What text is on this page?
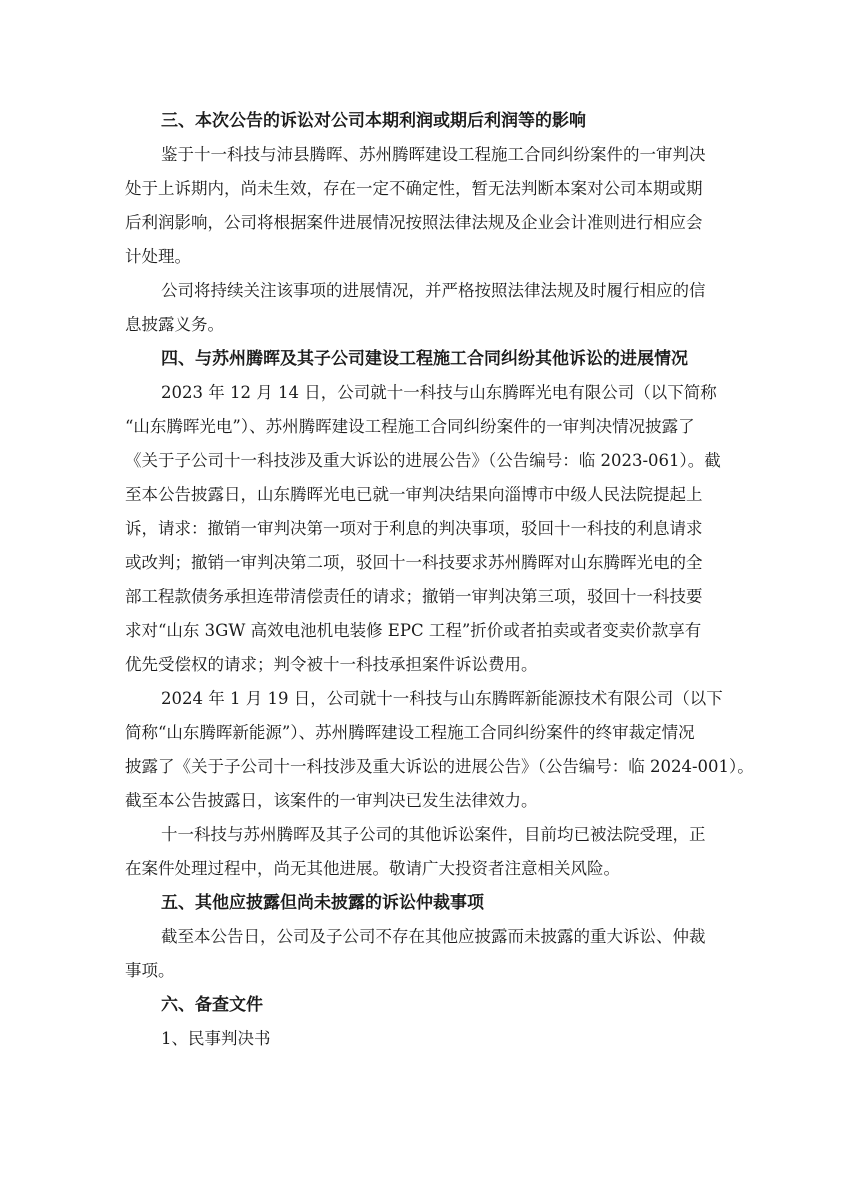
三、本次公告的诉讼对公司本期利润或期后利润等的影响
鉴于十一科技与沛县腾晖、苏州腾晖建设工程施工合同纠纷案件的一审判决
处于上诉期内，尚未生效，存在一定不确定性，暂无法判断本案对公司本期或期
后利润影响，公司将根据案件进展情况按照法律法规及企业会计准则进行相应会
计处理。
公司将持续关注该事项的进展情况，并严格按照法律法规及时履行相应的信
息披露义务。
四、与苏州腾晖及其子公司建设工程施工合同纠纷其他诉讼的进展情况
2023 年 12 月 14 日，公司就十一科技与山东腾晖光电有限公司（以下简称
“山东腾晖光电”）、苏州腾晖建设工程施工合同纠纷案件的一审判决情况披露了
《关于子公司十一科技涉及重大诉讼的进展公告》（公告编号：临 2023-061）。截
至本公告披露日，山东腾晖光电已就一审判决结果向淄博市中级人民法院提起上
诉，请求：撤销一审判决第一项对于利息的判决事项，驳回十一科技的利息请求
或改判；撤销一审判决第二项，驳回十一科技要求苏州腾晖对山东腾晖光电的全
部工程款债务承担连带清偿责任的请求；撤销一审判决第三项，驳回十一科技要
求对“山东 3GW 高效电池机电装修 EPC 工程”折价或者拍卖或者变卖价款享有
优先受偿权的请求；判令被十一科技承担案件诉讼费用。
2024 年 1 月 19 日，公司就十一科技与山东腾晖新能源技术有限公司（以下
简称“山东腾晖新能源”）、苏州腾晖建设工程施工合同纠纷案件的终审裁定情况
披露了《关于子公司十一科技涉及重大诉讼的进展公告》（公告编号：临 2024-001）。
截至本公告披露日，该案件的一审判决已发生法律效力。
十一科技与苏州腾晖及其子公司的其他诉讼案件，目前均已被法院受理，正
在案件处理过程中，尚无其他进展。敬请广大投资者注意相关风险。
五、其他应披露但尚未披露的诉讼仲裁事项
截至本公告日，公司及子公司不存在其他应披露而未披露的重大诉讼、仲裁
事项。
六、备查文件
1、民事判决书
